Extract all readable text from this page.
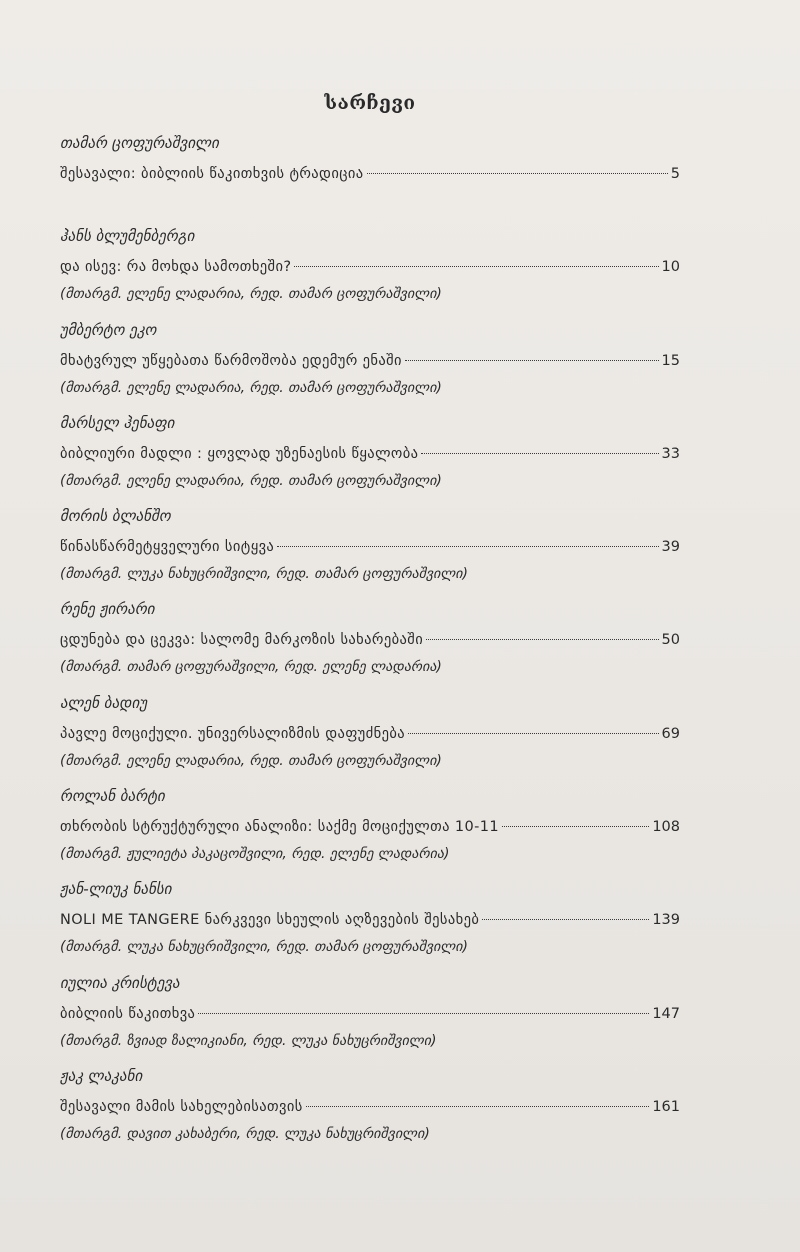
სარჩევი
თამარ ცოფურაშვილი
შესავალი: ბიბლიის წაკითხვის ტრადიცია	5
ჰანს ბლუმენბერგი
და ისევ: რა მოხდა სამოთხეში?	10
(მთარგმ. ელენე ლადარია, რედ. თამარ ცოფურაშვილი)
უმბერტო ეკო
მხატვრულ უწყებათა წარმოშობა ედემურ ენაში	15
(მთარგმ. ელენე ლადარია, რედ. თამარ ცოფურაშვილი)
მარსელ ჰენაფი
ბიბლიური მადლი : ყოვლად უზენაესის წყალობა	33
(მთარგმ. ელენე ლადარია, რედ. თამარ ცოფურაშვილი)
მორის ბლანშო
წინასწარმეტყველური სიტყვა	39
(მთარგმ. ლუკა ნახუცრიშვილი, რედ. თამარ ცოფურაშვილი)
რენე ჟირარი
ცდუნება და ცეკვა: სალომე მარკოზის სახარებაში	50
(მთარგმ. თამარ ცოფურაშვილი, რედ. ელენე ლადარია)
ალენ ბადიუ
პავლე მოციქული. უნივერსალიზმის დაფუძნება	69
(მთარგმ. ელენე ლადარია, რედ. თამარ ცოფურაშვილი)
როლან ბარტი
თხრობის სტრუქტურული ანალიზი: საქმე მოციქულთა 10-11	108
(მთარგმ. ჟულიეტა პაკაცოშვილი, რედ. ელენე ლადარია)
ჟან-ლიუკ ნანსი
NOLI ME TANGERE ნარკვევი სხეულის აღზევების შესახებ	139
(მთარგმ. ლუკა ნახუცრიშვილი, რედ. თამარ ცოფურაშვილი)
იულია კრისტევა
ბიბლიის წაკითხვა	147
(მთარგმ. ზვიად ზალიკიანი, რედ. ლუკა ნახუცრიშვილი)
ჟაკ ლაკანი
შესავალი მამის სახელებისათვის	161
(მთარგმ. დავით კახაბერი, რედ. ლუკა ნახუცრიშვილი)
